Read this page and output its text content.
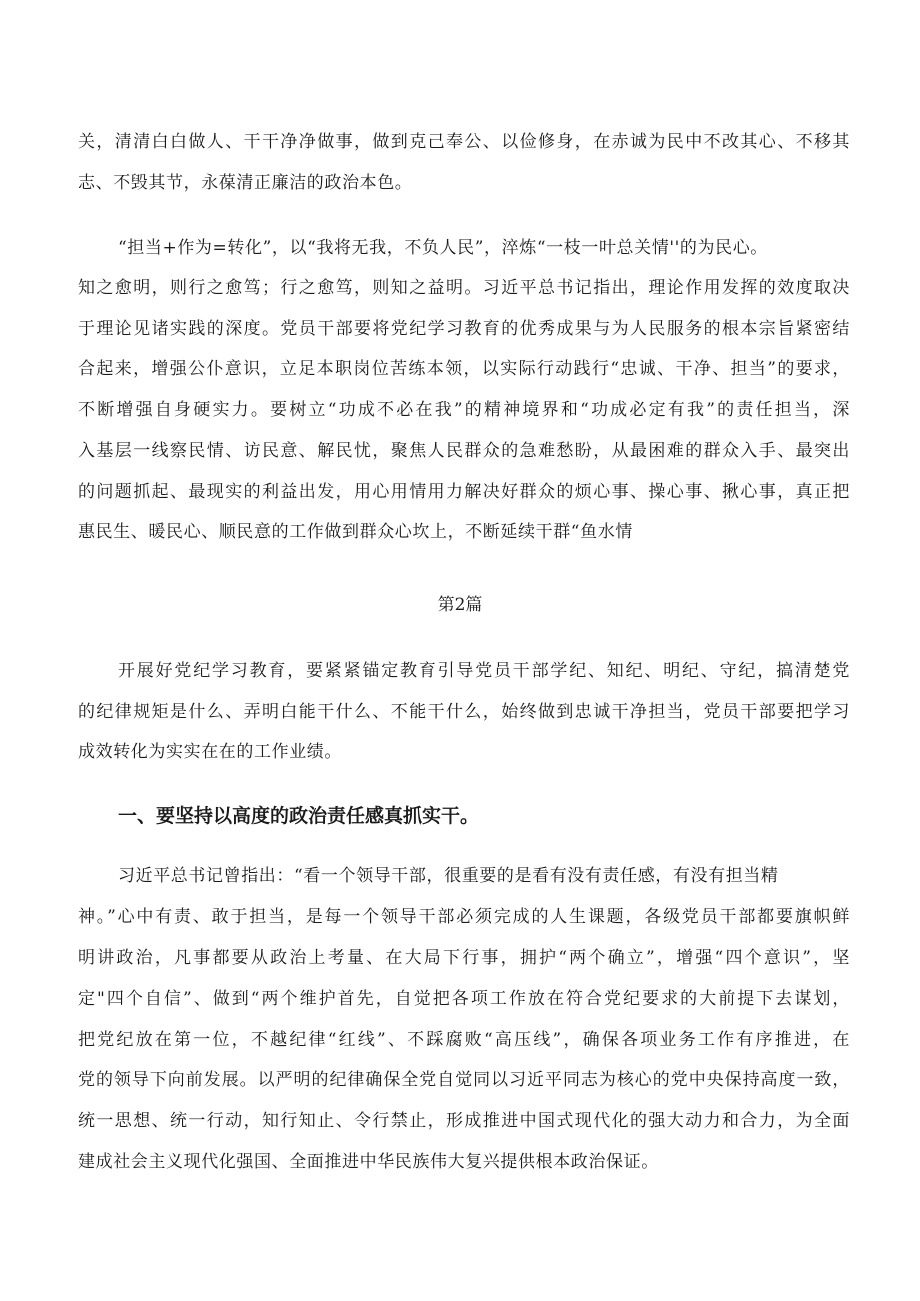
关，清清白白做人、干干净净做事，做到克己奉公、以俭修身，在赤诚为民中不改其心、不移其
志、不毁其节，永葆清正廉洁的政治本色。
“担当+作为=转化”，以“我将无我，不负人民”，淬炼“一枝一叶总关情''的为民心。
知之愈明，则行之愈笃；行之愈笃，则知之益明。习近平总书记指出，理论作用发挥的效度取决
于理论见诸实践的深度。党员干部要将党纪学习教育的优秀成果与为人民服务的根本宗旨紧密结
合起来，增强公仆意识，立足本职岗位苦练本领，以实际行动践行“忠诚、干净、担当”的要求，
不断增强自身硬实力。要树立“功成不必在我”的精神境界和“功成必定有我”的责任担当，深
入基层一线察民情、访民意、解民忧，聚焦人民群众的急难愁盼，从最困难的群众入手、最突出
的问题抓起、最现实的利益出发，用心用情用力解决好群众的烦心事、操心事、揪心事，真正把
惠民生、暖民心、顺民意的工作做到群众心坎上，不断延续干群“鱼水情
第2篇
开展好党纪学习教育，要紧紧锚定教育引导党员干部学纪、知纪、明纪、守纪，搞清楚党
的纪律规矩是什么、弄明白能干什么、不能干什么，始终做到忠诚干净担当，党员干部要把学习
成效转化为实实在在的工作业绩。
一、要坚持以高度的政治责任感真抓实干。
习近平总书记曾指出：“看一个领导干部，很重要的是看有没有责任感，有没有担当精
神。”心中有责、敢于担当，是每一个领导干部必须完成的人生课题，各级党员干部都要旗帜鲜
明讲政治，凡事都要从政治上考量、在大局下行事，拥护“两个确立”，增强“四个意识”，坚
定"四个自信”、做到“两个维护首先，自觉把各项工作放在符合党纪要求的大前提下去谋划，
把党纪放在第一位，不越纪律“红线”、不踩腐败“高压线”，确保各项业务工作有序推进，在
党的领导下向前发展。以严明的纪律确保全党自觉同以习近平同志为核心的党中央保持高度一致，
统一思想、统一行动，知行知止、令行禁止，形成推进中国式现代化的强大动力和合力，为全面
建成社会主义现代化强国、全面推进中华民族伟大复兴提供根本政治保证。
